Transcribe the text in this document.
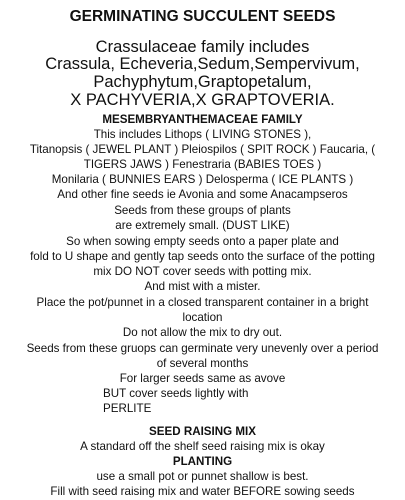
GERMINATING SUCCULENT SEEDS
Crassulaceae family includes
Crassula, Echeveria,Sedum,Sempervivum,
Pachyphytum,Graptopetalum,
X PACHYVERIA,X GRAPTOVERIA.
MESEMBRYANTHEMACEAE FAMILY
This includes Lithops ( LIVING STONES ),
Titanopsis ( JEWEL PLANT ) Pleiospilos ( SPIT ROCK ) Faucaria, (
TIGERS JAWS ) Fenestraria (BABIES TOES )
Monilaria ( BUNNIES EARS ) Delosperma ( ICE PLANTS )
And other fine seeds ie Avonia and some Anacampseros
Seeds from these groups of plants
are extremely small. (DUST LIKE)
So when sowing empty seeds onto a paper plate and
fold to U shape and gently tap seeds onto the surface of the potting
mix DO NOT cover seeds with potting mix.
And mist with a mister.
Place the pot/punnet in a closed transparent container in a bright
location
Do not allow the mix to dry out.
Seeds from these gruops can germinate very unevenly over a period
of several months
For larger seeds same as avove
BUT cover seeds lightly with
PERLITE
SEED RAISING MIX
A standard off the shelf seed raising mix is okay
PLANTING
use a small pot or punnet shallow is best.
Fill with seed raising mix and water BEFORE sowing seeds
